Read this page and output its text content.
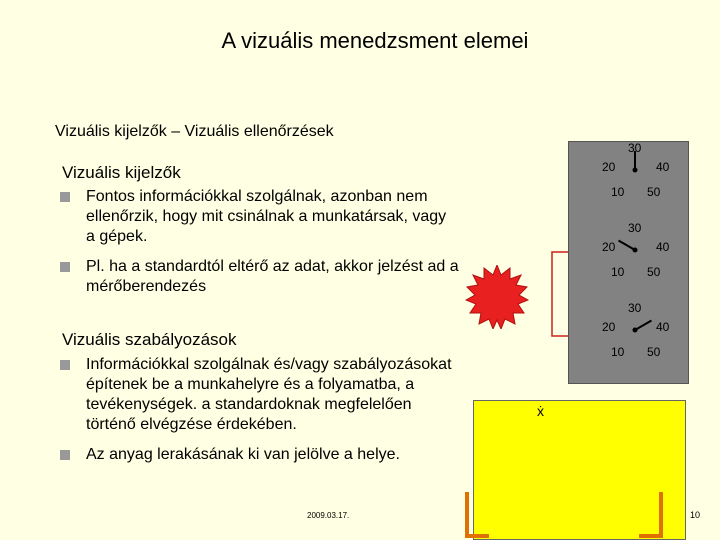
A vizuális menedzsment elemei
Vizuális kijelzők – Vizuális ellenőrzések
Vizuális kijelzők
Fontos információkkal szolgálnak, azonban nem
ellenőrzik, hogy mit csinálnak a munkatársak, vagy
a gépek.
Pl. ha a standardtól eltérő az adat, akkor jelzést ad a
mérőberendezés
Vizuális szabályozások
Információkkal szolgálnak és/vagy szabályozásokat
építenek be a munkahelyre és a folyamatba, a
tevékenységek. a standardoknak megfelelően
történő elvégzése érdekében.
Az anyag lerakásának ki van jelölve a helye.
30
20	40
10 50
30
20	40
10 50
30
20	40
10 50
ẋ
2009.03.17.	10
